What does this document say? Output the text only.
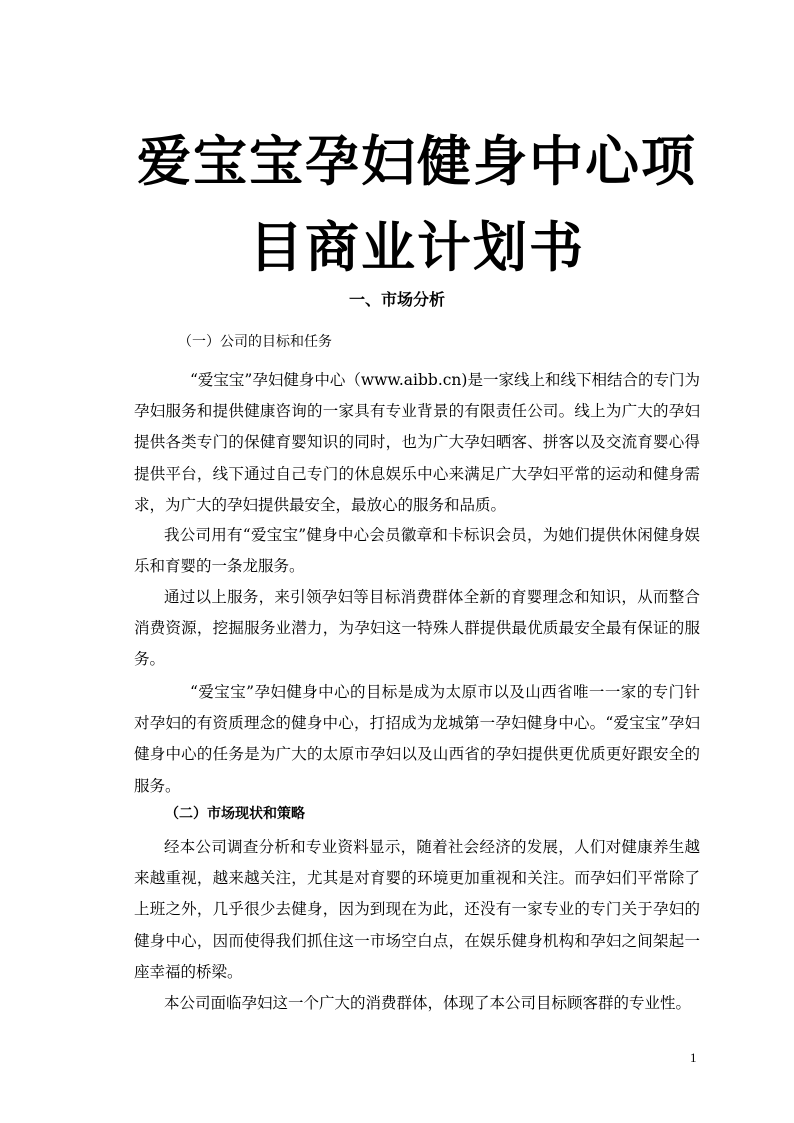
爱宝宝孕妇健身中心项
目商业计划书
一、市场分析
（一）公司的目标和任务

“爱宝宝”孕妇健身中心（www.aibb.cn)是一家线上和线下相结合的专门为孕妇服务和提供健康咨询的一家具有专业背景的有限责任公司。线上为广大的孕妇提供各类专门的保健育婴知识的同时，也为广大孕妇晒客、拼客以及交流育婴心得提供平台，线下通过自己专门的休息娱乐中心来满足广大孕妇平常的运动和健身需求，为广大的孕妇提供最安全，最放心的服务和品质。

我公司用有“爱宝宝”健身中心会员徽章和卡标识会员，为她们提供休闲健身娱乐和育婴的一条龙服务。

通过以上服务，来引领孕妇等目标消费群体全新的育婴理念和知识，从而整合消费资源，挖掘服务业潜力，为孕妇这一特殊人群提供最优质最安全最有保证的服务。

“爱宝宝”孕妇健身中心的目标是成为太原市以及山西省唯一一家的专门针对孕妇的有资质理念的健身中心，打招成为龙城第一孕妇健身中心。“爱宝宝”孕妇健身中心的任务是为广大的太原市孕妇以及山西省的孕妇提供更优质更好跟安全的服务。

（二）市场现状和策略

经本公司调查分析和专业资料显示，随着社会经济的发展，人们对健康养生越来越重视，越来越关注，尤其是对育婴的环境更加重视和关注。而孕妇们平常除了上班之外，几乎很少去健身，因为到现在为此，还没有一家专业的专门关于孕妇的健身中心，因而使得我们抓住这一市场空白点，在娱乐健身机构和孕妇之间架起一座幸福的桥梁。

本公司面临孕妇这一个广大的消费群体，体现了本公司目标顾客群的专业性。

1
